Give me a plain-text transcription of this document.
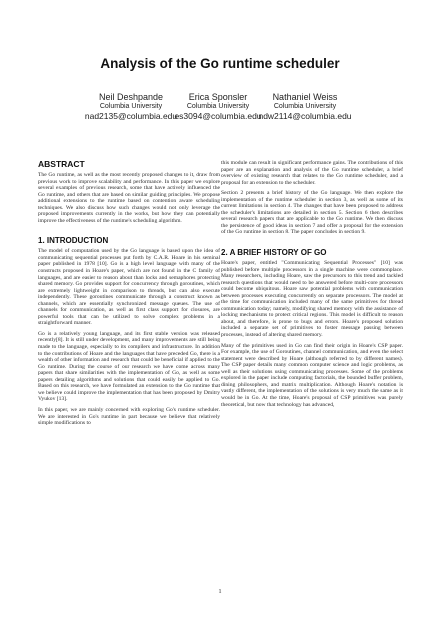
Analysis of the Go runtime scheduler
Neil Deshpande
Columbia University
nad2135@columbia.edu
Erica Sponsler
Columbia University
es3094@columbia.edu
Nathaniel Weiss
Columbia University
ndw2114@columbia.edu
ABSTRACT

The Go runtime, as well as the most recently proposed changes to it, draw from previous work to improve scalability and performance. In this paper we explore several examples of previous research, some that have actively influenced the Go runtime, and others that are based on similar guiding principles. We propose additional extensions to the runtime based on contention aware scheduling techniques. We also discuss how such changes would not only leverage the proposed improvements currently in the works, but how they can potentially improve the effectiveness of the runtime's scheduling algorithm.

1. INTRODUCTION

The model of computation used by the Go language is based upon the idea of communicating sequential processes put forth by C.A.R. Hoare in his seminal paper published in 1978 [10]. Go is a high level language with many of the constructs proposed in Hoare's paper, which are not found in the C family of languages, and are easier to reason about than locks and semaphores protecting shared memory. Go provides support for concurrency through goroutines, which are extremely lightweight in comparison to threads, but can also execute independently. These goroutines communicate through a construct known as channels, which are essentially synchronized message queues. The use of channels for communication, as well as first class support for closures, are powerful tools that can be utilized to solve complex problems in a straightforward manner.

Go is a relatively young language, and its first stable version was released recently[8]. It is still under development, and many improvements are still being made to the language, especially to its compilers and infrastructure. In addition to the contributions of Hoare and the languages that have preceded Go, there is a wealth of other information and research that could be beneficial if applied to the Go runtime. During the course of our research we have come across many papers that share similarities with the implementation of Go, as well as some papers detailing algorithms and solutions that could easily be applied to Go. Based on this research, we have formulated an extension to the Go runtime that we believe could improve the implementation that has been proposed by Dmitry Vyukov [13].

In this paper, we are mainly concerned with exploring Go's runtime scheduler. We are interested in Go's runtime in part because we believe that relatively simple modifications to

this module can result in significant performance gains. The contributions of this paper are an explanation and analysis of the Go runtime scheduler, a brief overview of existing research that relates to the Go runtime scheduler, and a proposal for an extension to the scheduler.

Section 2 presents a brief history of the Go language. We then explore the implementation of the runtime scheduler in section 3, as well as some of its current limitations in section 4. The changes that have been proposed to address the scheduler's limitations are detailed in section 5. Section 6 then describes several research papers that are applicable to the Go runtime. We then discuss the persistence of good ideas in section 7 and offer a proposal for the extension of the Go runtime in section 8. The paper concludes in section 9.

2. A BRIEF HISTORY OF GO

Hoare's paper, entitled "Communicating Sequential Processes" [10] was published before multiple processors in a single machine were commonplace. Many researchers, including Hoare, saw the precursors to this trend and tackled research questions that would need to be answered before multi-core processors could become ubiquitous. Hoare saw potential problems with communication between processes executing concurrently on separate processors. The model at the time for communication included many of the same primitives for thread communication today; namely, modifying shared memory with the assistance of locking mechanisms to protect critical regions. This model is difficult to reason about, and therefore, is prone to bugs and errors. Hoare's proposed solution included a separate set of primitives to foster message passing between processes, instead of altering shared memory.

Many of the primitives used in Go can find their origin in Hoare's CSP paper. For example, the use of Goroutines, channel communication, and even the select statement were described by Hoare (although referred to by different names). The CSP paper details many common computer science and logic problems, as well as their solutions using communicating processes. Some of the problems explored in the paper include computing factorials, the bounded buffer problem, dining philosophers, and matrix multiplication. Although Hoare's notation is vastly different, the implementation of the solutions is very much the same as it would be in Go. At the time, Hoare's proposal of CSP primitives was purely theoretical, but now that technology has advanced,

1
